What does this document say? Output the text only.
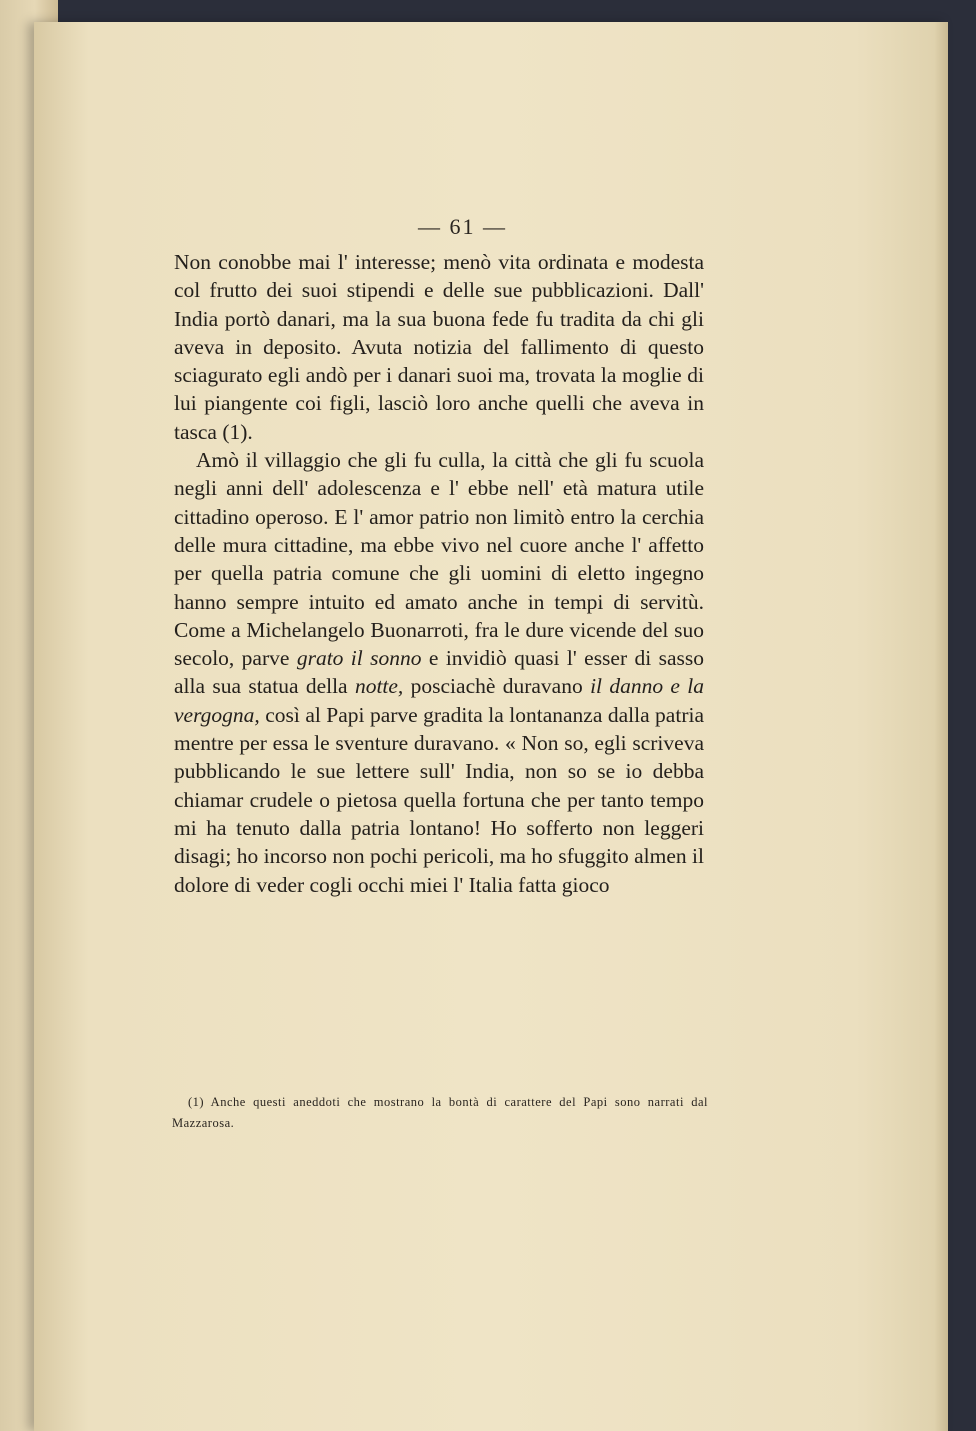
— 61 —

Non conobbe mai l' interesse; menò vita ordinata e modesta col frutto dei suoi stipendi e delle sue pubblicazioni. Dall' India portò danari, ma la sua buona fede fu tradita da chi gli aveva in deposito. Avuta notizia del fallimento di questo sciagurato egli andò per i danari suoi ma, trovata la moglie di lui piangente coi figli, lasciò loro anche quelli che aveva in tasca (1).

Amò il villaggio che gli fu culla, la città che gli fu scuola negli anni dell' adolescenza e l' ebbe nell' età matura utile cittadino operoso. E l' amor patrio non limitò entro la cerchia delle mura cittadine, ma ebbe vivo nel cuore anche l' affetto per quella patria comune che gli uomini di eletto ingegno hanno sempre intuito ed amato anche in tempi di servitù. Come a Michelangelo Buonarroti, fra le dure vicende del suo secolo, parve grato il sonno e invidiò quasi l' esser di sasso alla sua statua della notte, posciachè duravano il danno e la vergogna, così al Papi parve gradita la lontananza dalla patria mentre per essa le sventure duravano. « Non so, egli scriveva pubblicando le sue lettere sull' India, non so se io debba chiamar crudele o pietosa quella fortuna che per tanto tempo mi ha tenuto dalla patria lontano! Ho sofferto non leggeri disagi; ho incorso non pochi pericoli, ma ho sfuggito almen il dolore di veder cogli occhi miei l' Italia fatta gioco

(1) Anche questi aneddoti che mostrano la bontà di carattere del Papi sono narrati dal Mazzarosa.
